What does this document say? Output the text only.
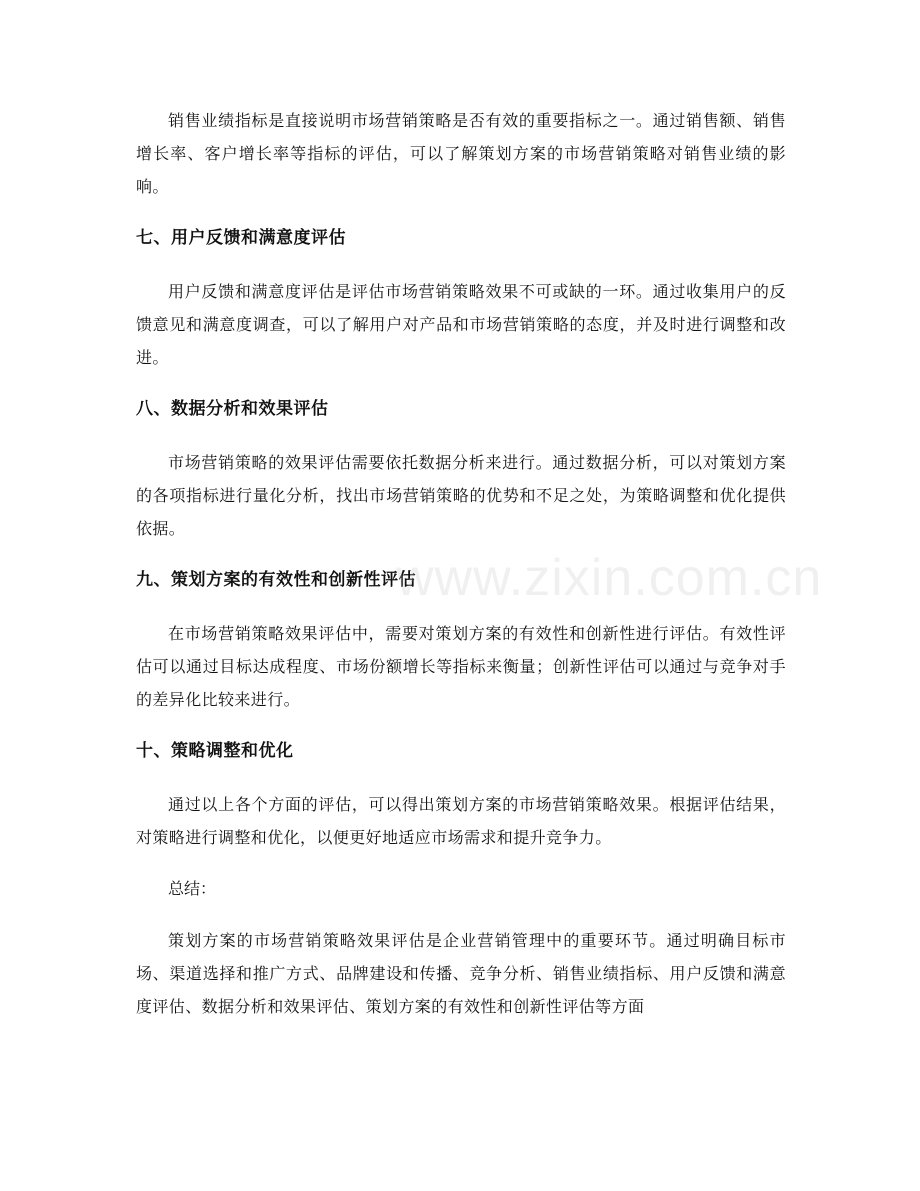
销售业绩指标是直接说明市场营销策略是否有效的重要指标之一。通过销售额、销售增长率、客户增长率等指标的评估，可以了解策划方案的市场营销策略对销售业绩的影响。

七、用户反馈和满意度评估

用户反馈和满意度评估是评估市场营销策略效果不可或缺的一环。通过收集用户的反馈意见和满意度调查，可以了解用户对产品和市场营销策略的态度，并及时进行调整和改进。

八、数据分析和效果评估

市场营销策略的效果评估需要依托数据分析来进行。通过数据分析，可以对策划方案的各项指标进行量化分析，找出市场营销策略的优势和不足之处，为策略调整和优化提供依据。

九、策划方案的有效性和创新性评估

在市场营销策略效果评估中，需要对策划方案的有效性和创新性进行评估。有效性评估可以通过目标达成程度、市场份额增长等指标来衡量；创新性评估可以通过与竞争对手的差异化比较来进行。

十、策略调整和优化

通过以上各个方面的评估，可以得出策划方案的市场营销策略效果。根据评估结果，对策略进行调整和优化，以便更好地适应市场需求和提升竞争力。

总结：

策划方案的市场营销策略效果评估是企业营销管理中的重要环节。通过明确目标市场、渠道选择和推广方式、品牌建设和传播、竞争分析、销售业绩指标、用户反馈和满意度评估、数据分析和效果评估、策划方案的有效性和创新性评估等方面

www.zixin.com.cn
